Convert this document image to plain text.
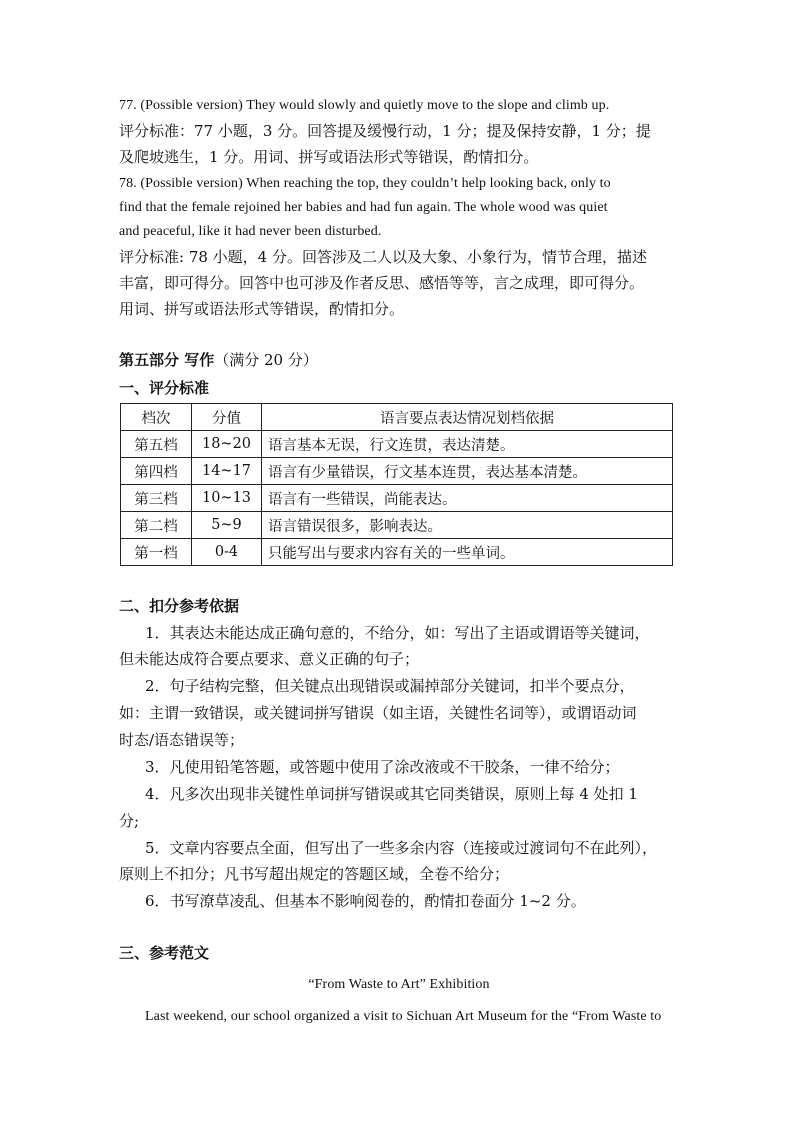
77. (Possible version) They would slowly and quietly move to the slope and climb up.
评分标准：77 小题，3 分。回答提及缓慢行动，1 分；提及保持安静，1 分；提
及爬坡逃生，1 分。用词、拼写或语法形式等错误，酌情扣分。
78. (Possible version) When reaching the top, they couldn’t help looking back, only to
find that the female rejoined her babies and had fun again. The whole wood was quiet
and peaceful, like it had never been disturbed.
评分标准: 78 小题，4 分。回答涉及二人以及大象、小象行为，情节合理，描述
丰富，即可得分。回答中也可涉及作者反思、感悟等等，言之成理，即可得分。
用词、拼写或语法形式等错误，酌情扣分。
第五部分 写作（满分 20 分）
一、评分标准
档次	分值	语言要点表达情况划档依据
第五档	18~20	语言基本无误，行文连贯，表达清楚。
第四档	14~17	语言有少量错误，行文基本连贯，表达基本清楚。
第三档	10~13	语言有一些错误，尚能表达。
第二档	5~9	语言错误很多，影响表达。
第一档	0-4	只能写出与要求内容有关的一些单词。
二、扣分参考依据
1．其表达未能达成正确句意的，不给分，如：写出了主语或谓语等关键词，
但未能达成符合要点要求、意义正确的句子；
2．句子结构完整，但关键点出现错误或漏掉部分关键词，扣半个要点分，
如：主谓一致错误，或关键词拼写错误（如主语，关键性名词等），或谓语动词
时态/语态错误等；
3．凡使用铅笔答题，或答题中使用了涂改液或不干胶条，一律不给分；
4．凡多次出现非关键性单词拼写错误或其它同类错误，原则上每 4 处扣 1
分;
5．文章内容要点全面，但写出了一些多余内容（连接或过渡词句不在此列），
原则上不扣分；凡书写超出规定的答题区域，全卷不给分；
6．书写潦草凌乱、但基本不影响阅卷的，酌情扣卷面分 1~2 分。
三、参考范文
“From Waste to Art” Exhibition
Last weekend, our school organized a visit to Sichuan Art Museum for the “From Waste to
